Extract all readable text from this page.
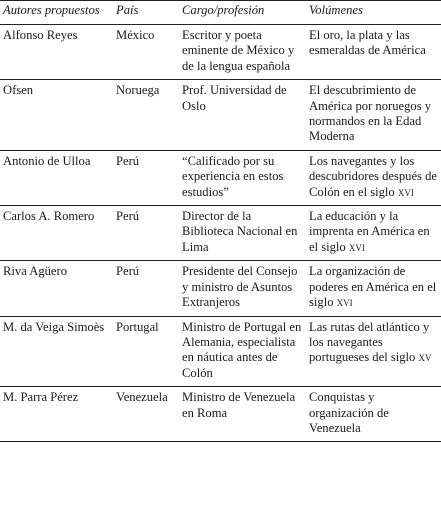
Autores propuestos	País	Cargo/profesión	Volúmenes
Alfonso Reyes	México	Escritor y poeta eminente de México y de la lengua española	El oro, la plata y las esmeraldas de América
Ofsen	Noruega	Prof. Universidad de Oslo	El descubrimiento de América por noruegos y normandos en la Edad Moderna
Antonio de Ulloa	Perú	“Calificado por su experiencia en estos estudios”	Los navegantes y los descubridores después de Colón en el siglo xvi
Carlos A. Romero	Perú	Director de la Biblioteca Nacional en Lima	La educación y la imprenta en América en el siglo xvi
Riva Agüero	Perú	Presidente del Consejo y ministro de Asuntos Extranjeros	La organización de poderes en América en el siglo xvi
M. da Veiga Simoès	Portugal	Ministro de Portugal en Alemania, especialista en náutica antes de Colón	Las rutas del atlántico y los navegantes portugueses del siglo xv
M. Parra Pérez	Venezuela	Ministro de Venezuela en Roma	Conquistas y organización de Venezuela
